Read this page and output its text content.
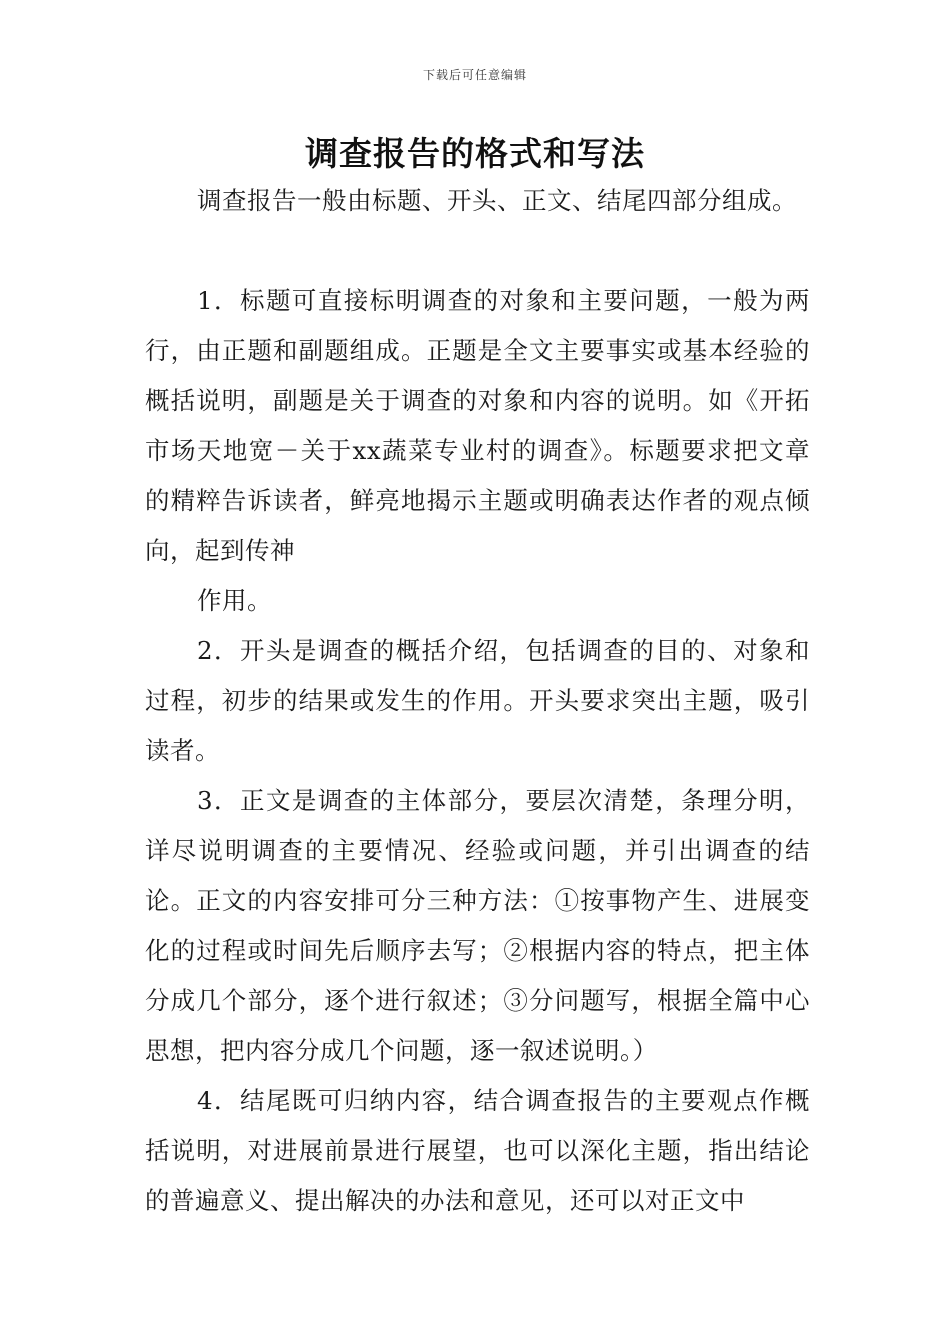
下载后可任意编辑
调查报告的格式和写法
调查报告一般由标题、开头、正文、结尾四部分组成。

1．标题可直接标明调查的对象和主要问题，一般为两行，由正题和副题组成。正题是全文主要事实或基本经验的概括说明，副题是关于调查的对象和内容的说明。如《开拓市场天地宽－关于xx蔬菜专业村的调查》。标题要求把文章的精粹告诉读者，鲜亮地揭示主题或明确表达作者的观点倾向，起到传神

作用。

2．开头是调查的概括介绍，包括调查的目的、对象和过程，初步的结果或发生的作用。开头要求突出主题，吸引读者。

3．正文是调查的主体部分，要层次清楚，条理分明，详尽说明调查的主要情况、经验或问题，并引出调查的结论。正文的内容安排可分三种方法：①按事物产生、进展变化的过程或时间先后顺序去写；②根据内容的特点，把主体分成几个部分，逐个进行叙述；③分问题写，根据全篇中心思想，把内容分成几个问题，逐一叙述说明。）

4．结尾既可归纳内容，结合调查报告的主要观点作概括说明，对进展前景进行展望，也可以深化主题，指出结论的普遍意义、提出解决的办法和意见，还可以对正文中
